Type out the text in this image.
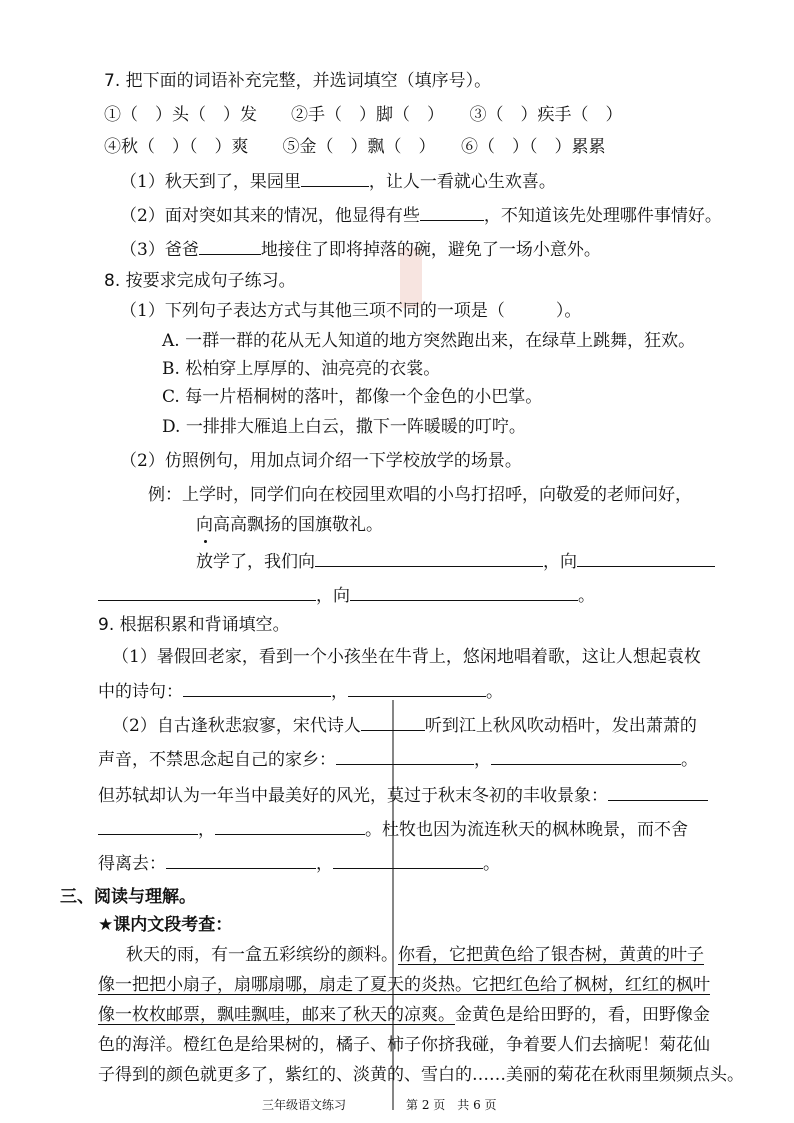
7. 把下面的词语补充完整，并选词填空（填序号）。
①（　）头（　）发　　②手（　）脚（　）　　③（　）疾手（　）
④秋（　）（　）爽　　⑤金（　）飘（　）　　⑥（　）（　）累累
（1）秋天到了，果园里	，让人一看就心生欢喜。
（2）面对突如其来的情况，他显得有些	，不知道该先处理哪件事情好。
（3）爸爸	地接住了即将掉落的碗，避免了一场小意外。
8. 按要求完成句子练习。
（1）下列句子表达方式与其他三项不同的一项是（　　　）。
A. 一群一群的花从无人知道的地方突然跑出来，在绿草上跳舞，狂欢。
B. 松柏穿上厚厚的、油亮亮的衣裳。
C. 每一片梧桐树的落叶，都像一个金色的小巴掌。
D. 一排排大雁追上白云，撒下一阵暖暖的叮咛。
（2）仿照例句，用加点词介绍一下学校放学的场景。
例：上学时，同学们向在校园里欢唱的小鸟打招呼，向敬爱的老师问好，
向高高飘扬的国旗敬礼。
放学了，我们向	，向
，向	。
9. 根据积累和背诵填空。
（1）暑假回老家，看到一个小孩坐在牛背上，悠闲地唱着歌，这让人想起袁枚
中的诗句：	，	。
（2）自古逢秋悲寂寥，宋代诗人	听到江上秋风吹动梧叶，发出萧萧的
声音，不禁思念起自己的家乡：	，	。
但苏轼却认为一年当中最美好的风光，莫过于秋末冬初的丰收景象：
，	。杜牧也因为流连秋天的枫林晚景，而不舍
得离去：	，	。
三、阅读与理解。
★课内文段考查：
秋天的雨，有一盒五彩缤纷的颜料。你看，它把黄色给了银杏树，黄黄的叶子
像一把把小扇子，扇哪扇哪，扇走了夏天的炎热。它把红色给了枫树，红红的枫叶
像一枚枚邮票，飘哇飘哇，邮来了秋天的凉爽。金黄色是给田野的，看，田野像金
色的海洋。橙红色是给果树的，橘子、柿子你挤我碰，争着要人们去摘呢！菊花仙
子得到的颜色就更多了，紫红的、淡黄的、雪白的……美丽的菊花在秋雨里频频点头。
三年级语文练习	第 2 页　共 6 页
